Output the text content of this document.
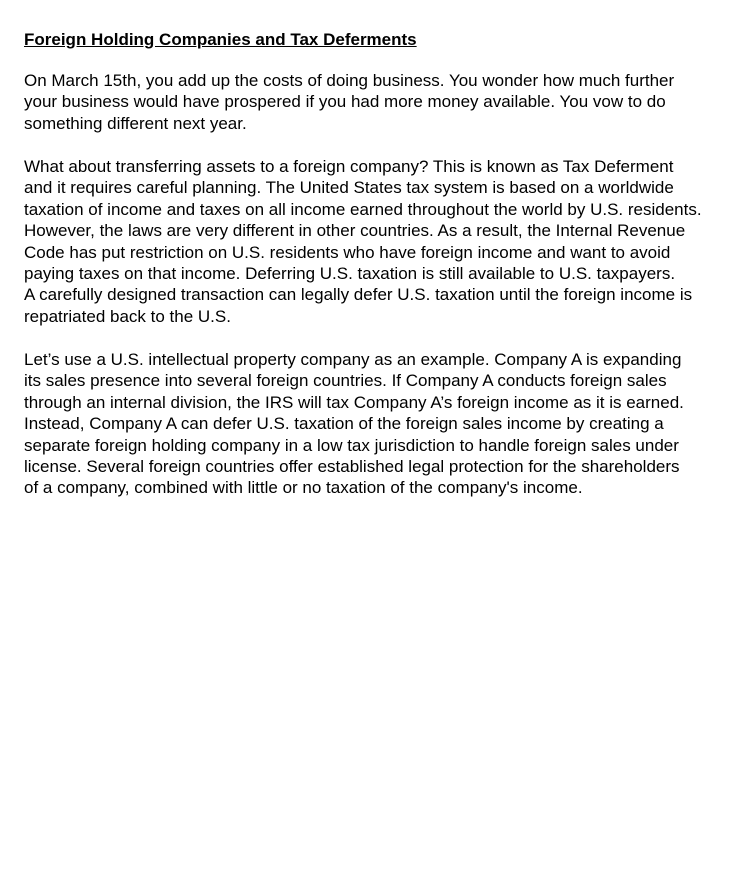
Foreign Holding Companies and Tax Deferments

On March 15th, you add up the costs of doing business. You wonder how much further
your business would have prospered if you had more money available. You vow to do
something different next year.

What about transferring assets to a foreign company? This is known as Tax Deferment
and it requires careful planning. The United States tax system is based on a worldwide
taxation of income and taxes on all income earned throughout the world by U.S. residents.
However, the laws are very different in other countries. As a result, the Internal Revenue
Code has put restriction on U.S. residents who have foreign income and want to avoid
paying taxes on that income. Deferring U.S. taxation is still available to U.S. taxpayers.
A carefully designed transaction can legally defer U.S. taxation until the foreign income is
repatriated back to the U.S.

Let’s use a U.S. intellectual property company as an example. Company A is expanding
its sales presence into several foreign countries. If Company A conducts foreign sales
through an internal division, the IRS will tax Company A’s foreign income as it is earned.
Instead, Company A can defer U.S. taxation of the foreign sales income by creating a
separate foreign holding company in a low tax jurisdiction to handle foreign sales under
license. Several foreign countries offer established legal protection for the shareholders
of a company, combined with little or no taxation of the company's income.
